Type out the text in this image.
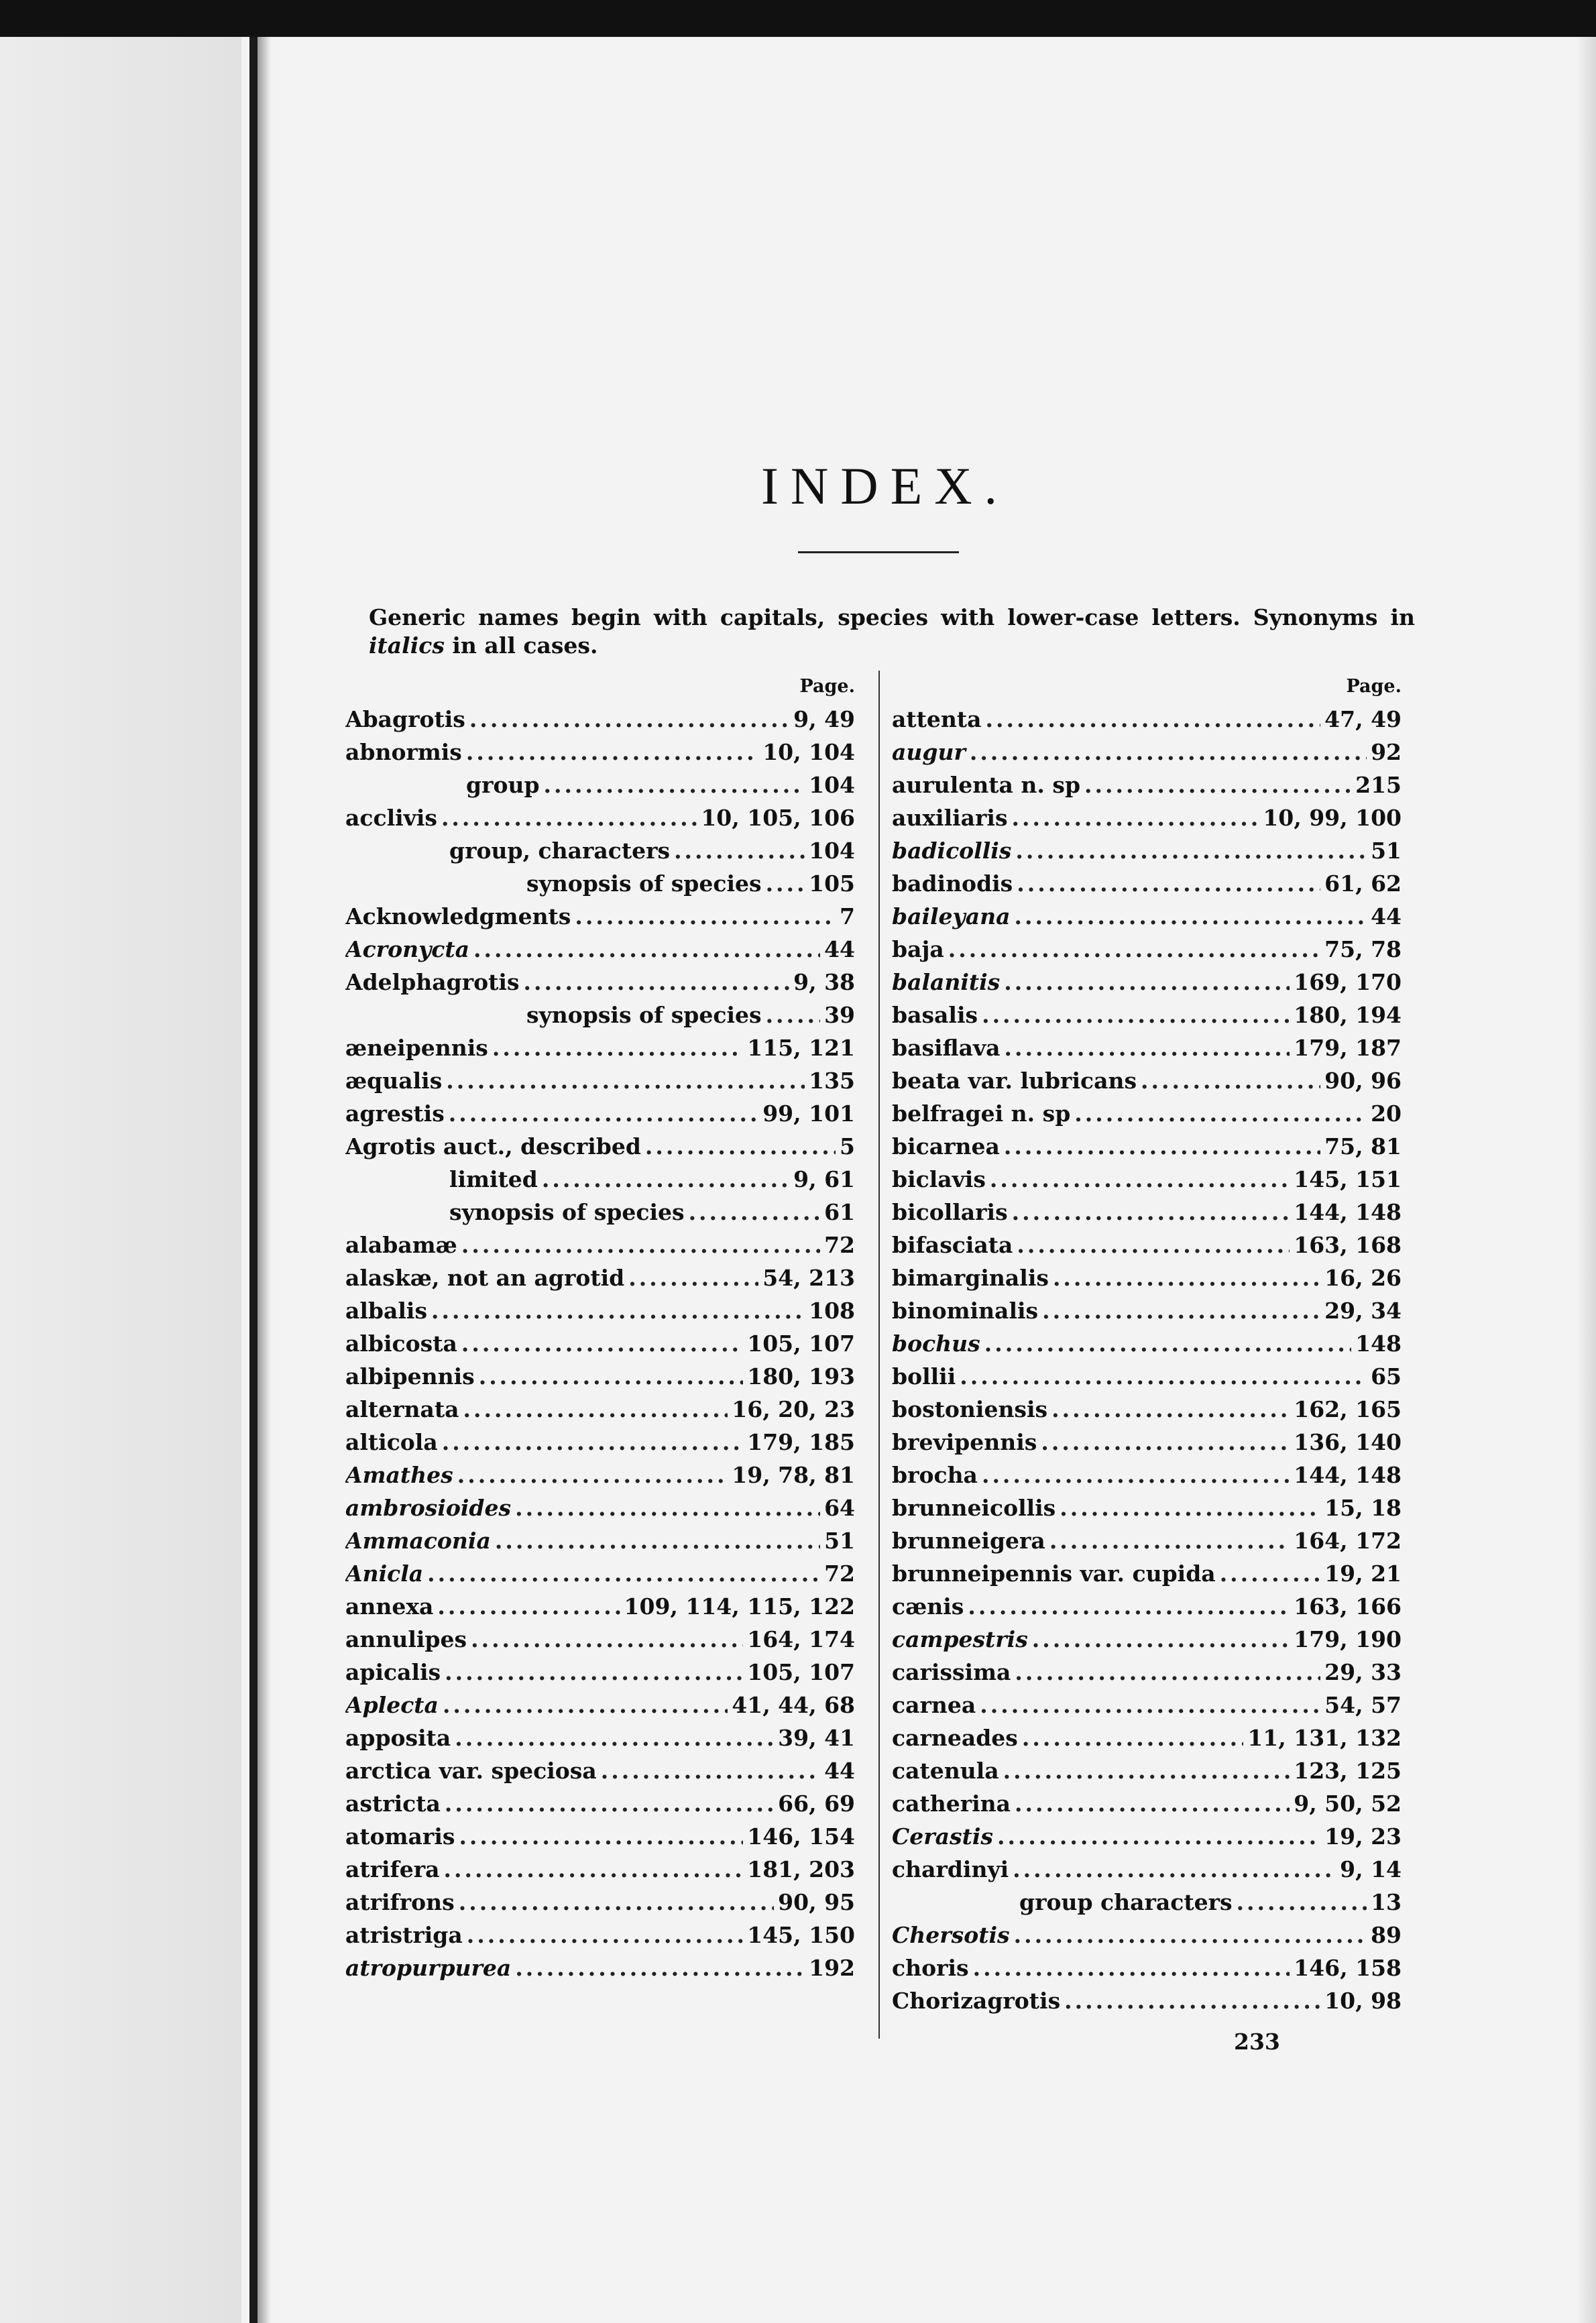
INDEX.
Generic names begin with capitals, species with lower-case letters. Synonyms in italics in all cases.
Page.
Abagrotis .....	9, 49
abnormis .....	10, 104
group .....	104
acclivis .....	10, 105, 106
group, characters .....	104
synopsis of species ..... 105
Acknowledgments .....	7
Acronycta .....	44
Adelphagrotis .....	9, 38
synopsis of species .....	39
æneipennis .....	115, 121
æqualis .....	135
agrestis .....	99, 101
Agrotis auct., described .....	5
limited .....	9, 61
synopsis of species .....	61
alabamæ .....	72
alaskæ, not an agrotid .....	54, 213
albalis .....	108
albicosta .....	105, 107
albipennis .....	180, 193
alternata .....	16, 20, 23
alticola .....	179, 185
Amathes .....	19, 78, 81
ambrosioides .....	64
Ammaconia .....	51
Anicla .....	72
annexa .....	109, 114, 115, 122
annulipes .....	164, 174
apicalis .....	105, 107
Aplecta .....	41, 44, 68
apposita .....	39, 41
arctica var. speciosa .....	44
astricta .....	66, 69
atomaris .....	146, 154
atrifera .....	181, 203
atrifrons .....	90, 95
atristriga .....	145, 150
atropurpurea .....	192
Page.
attenta .....	47, 49
augur .....	92
aurulenta n. sp .....	215
auxiliaris .....	10, 99, 100
badicollis .....	51
badinodis .....	61, 62
baileyana .....	44
baja .....	75, 78
balanitis .....	169, 170
basalis .....	180, 194
basiflava .....	179, 187
beata var. lubricans .....	90, 96
belfragei n. sp .....	20
bicarnea .....	75, 81
biclavis .....	145, 151
bicollaris .....	144, 148
bifasciata .....	163, 168
bimarginalis .....	16, 26
binominalis .....	29, 34
bochus .....	148
bollii .....	65
bostoniensis .....	162, 165
brevipennis .....	136, 140
brocha .....	144, 148
brunneicollis .....	15, 18
brunneigera .....	164, 172
brunneipennis var. cupida .....	19, 21
cænis .....	163, 166
campestris .....	179, 190
carissima .....	29, 33
carnea .....	54, 57
carneades .....	11, 131, 132
catenula .....	123, 125
catherina .....	9, 50, 52
Cerastis .....	19, 23
chardinyi .....	9, 14
group characters .....	13
Chersotis .....	89
choris .....	146, 158
Chorizagrotis .....	10, 98
233
